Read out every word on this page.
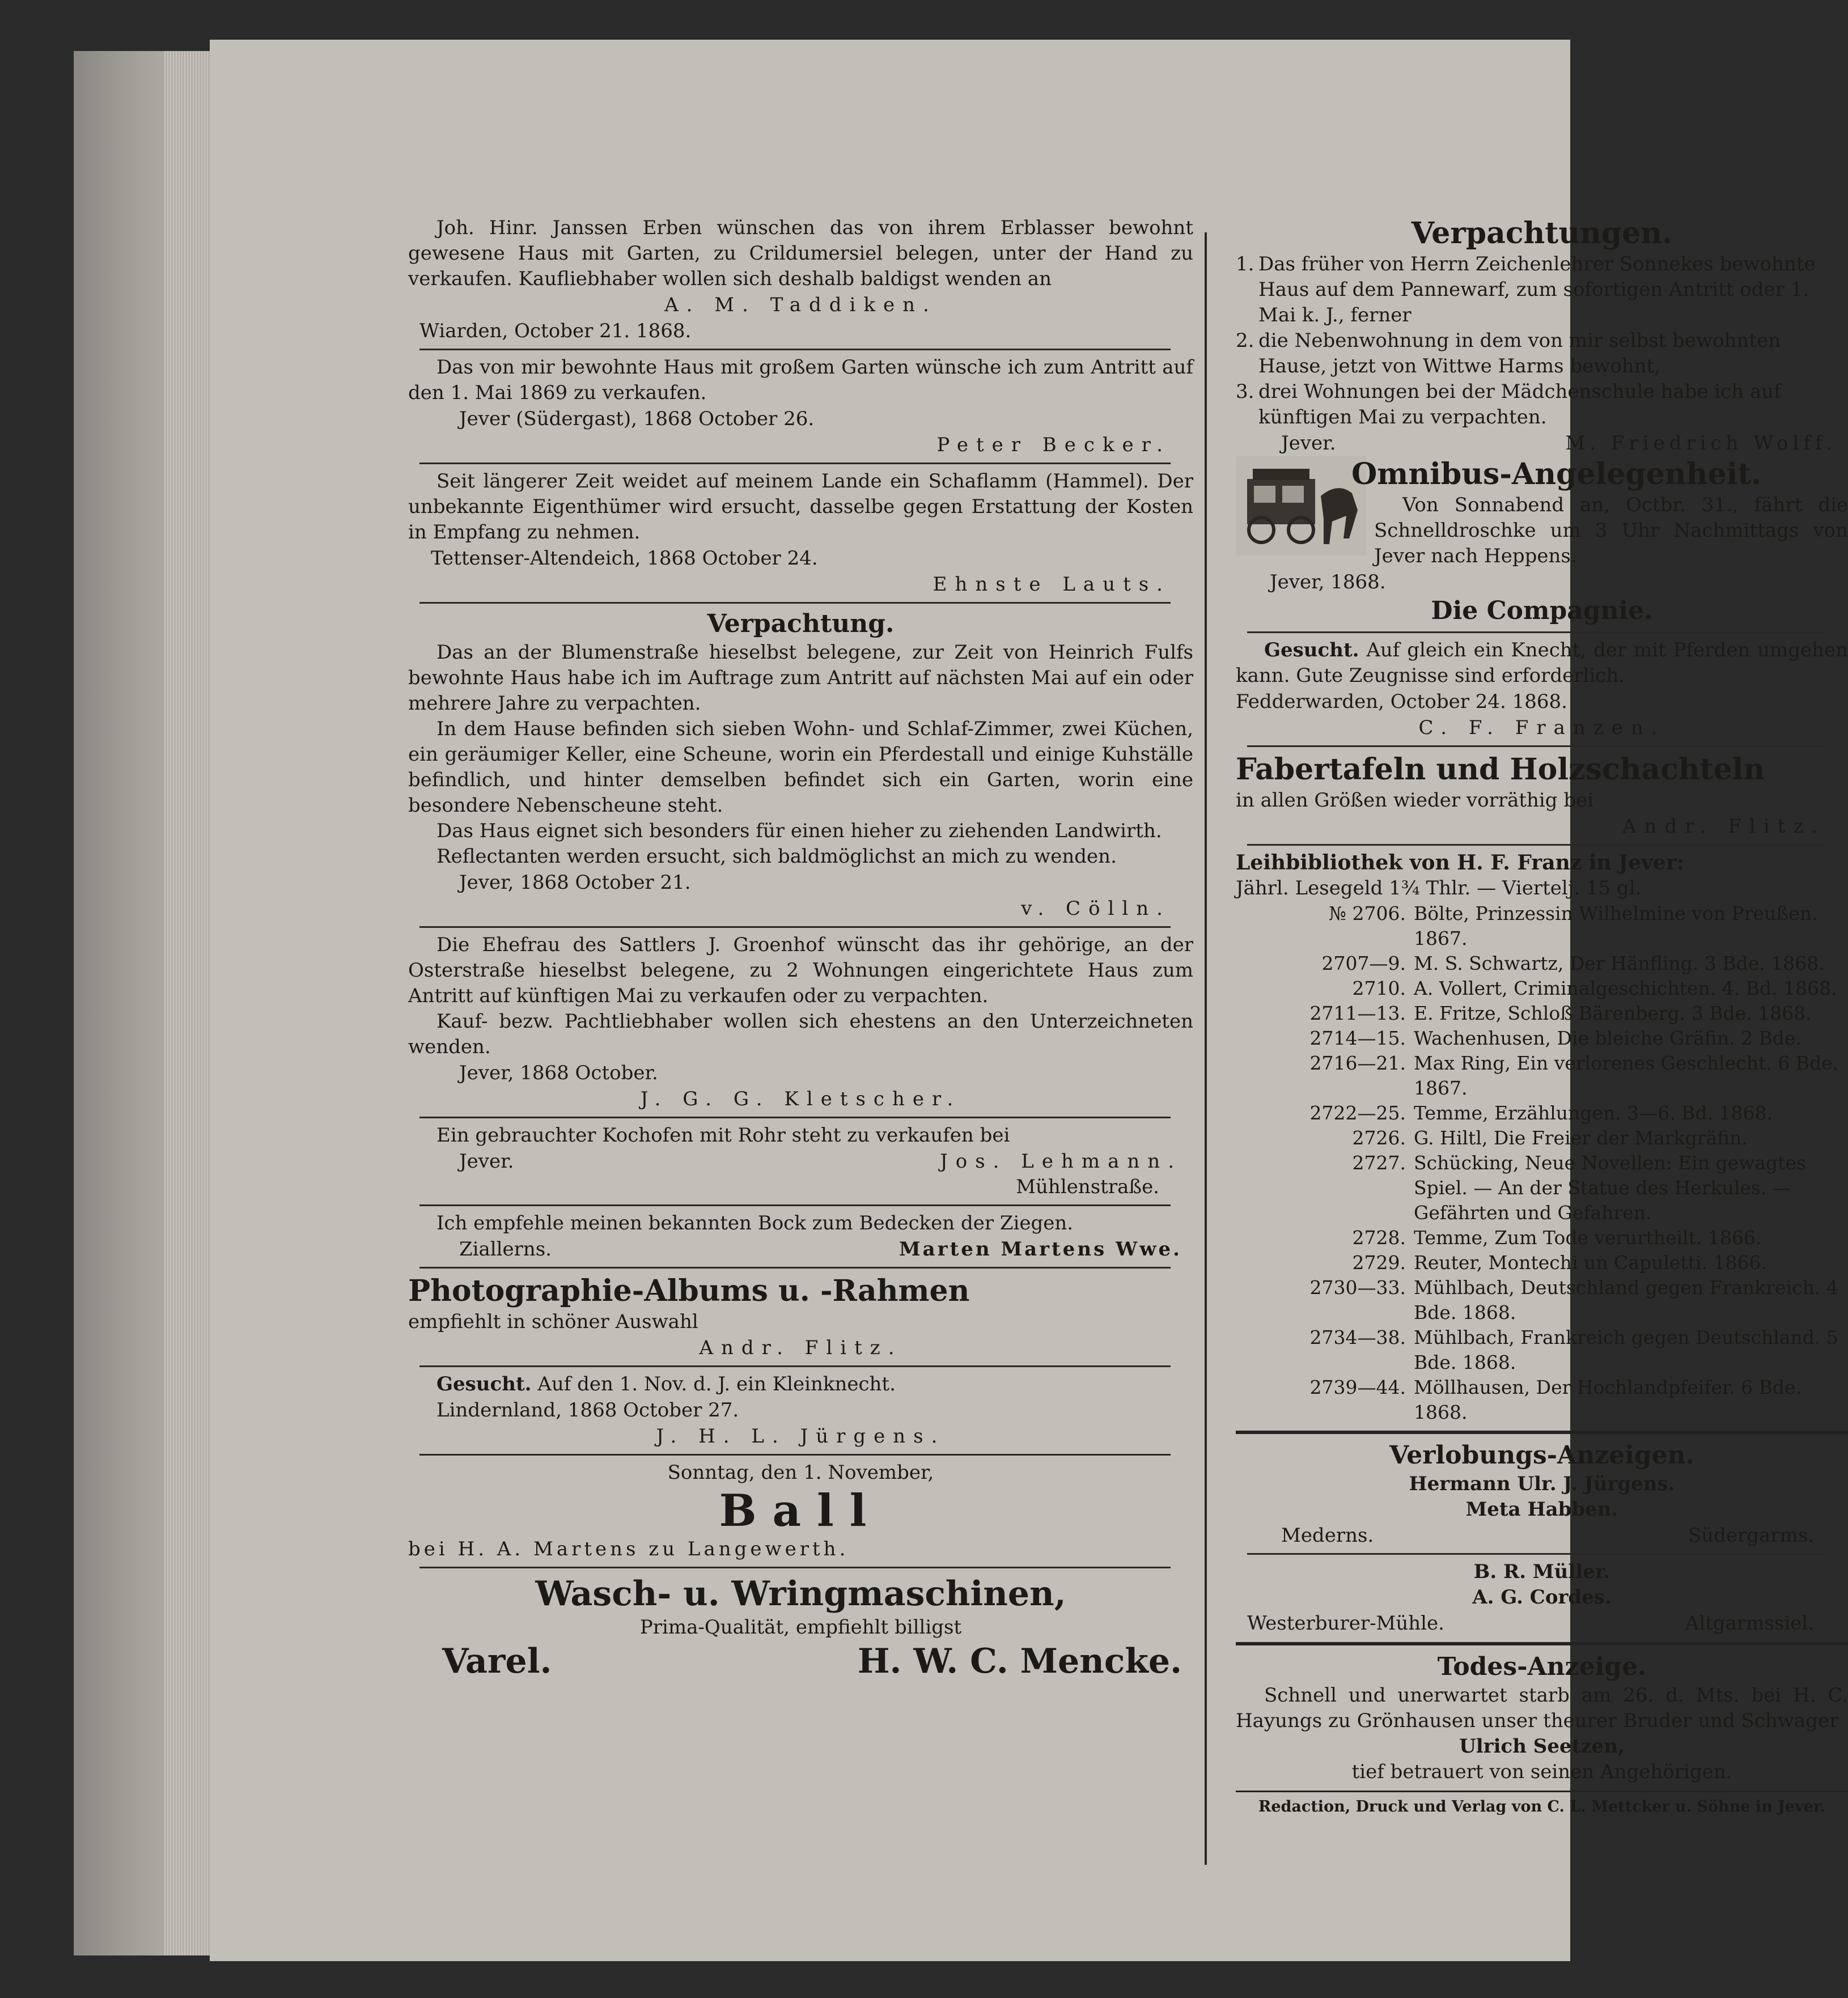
Joh. Hinr. Janssen Erben wünschen das von ihrem Erblasser bewohnt gewesene Haus mit Garten, zu Crildumersiel belegen, unter der Hand zu verkaufen. Kaufliebhaber wollen sich deshalb baldigst wenden an

A. M. Taddiken.

Wiarden, October 21. 1868.

Das von mir bewohnte Haus mit großem Garten wünsche ich zum Antritt auf den 1. Mai 1869 zu verkaufen.

Jever (Südergast), 1868 October 26.

Peter Becker.

Seit längerer Zeit weidet auf meinem Lande ein Schaflamm (Hammel). Der unbekannte Eigenthümer wird ersucht, dasselbe gegen Erstattung der Kosten in Empfang zu nehmen.

Tettenser-Altendeich, 1868 October 24.

Ehnste Lauts.

Verpachtung.

Das an der Blumenstraße hieselbst belegene, zur Zeit von Heinrich Fulfs bewohnte Haus habe ich im Auftrage zum Antritt auf nächsten Mai auf ein oder mehrere Jahre zu verpachten.

In dem Hause befinden sich sieben Wohn- und Schlaf-Zimmer, zwei Küchen, ein geräumiger Keller, eine Scheune, worin ein Pferdestall und einige Kuhställe befindlich, und hinter demselben befindet sich ein Garten, worin eine besondere Nebenscheune steht.

Das Haus eignet sich besonders für einen hieher zu ziehenden Landwirth.

Reflectanten werden ersucht, sich baldmöglichst an mich zu wenden.

Jever, 1868 October 21.

v. Cölln.

Die Ehefrau des Sattlers J. Groenhof wünscht das ihr gehörige, an der Osterstraße hieselbst belegene, zu 2 Wohnungen eingerichtete Haus zum Antritt auf künftigen Mai zu verkaufen oder zu verpachten.

Kauf- bezw. Pachtliebhaber wollen sich ehestens an den Unterzeichneten wenden.

Jever, 1868 October.

J. G. G. Kletscher.

Ein gebrauchter Kochofen mit Rohr steht zu verkaufen bei

Jever.	Jos. Lehmann.

Mühlenstraße.

Ich empfehle meinen bekannten Bock zum Bedecken der Ziegen.

Ziallerns.	Marten Martens Wwe.

Photographie-Albums u. -Rahmen

empfiehlt in schöner Auswahl

Andr. Flitz.

Gesucht. Auf den 1. Nov. d. J. ein Kleinknecht.

Lindernland, 1868 October 27.

J. H. L. Jürgens.

Sonntag, den 1. November,

Ball

bei H. A. Martens zu Langewerth.

Wasch- u. Wringmaschinen,

Prima-Qualität, empfiehlt billigst

Varel.	H. W. C. Mencke.

Verpachtungen.

1. Das früher von Herrn Zeichenlehrer Sonnekes bewohnte Haus auf dem Pannewarf, zum sofortigen Antritt oder 1. Mai k. J., ferner
2. die Nebenwohnung in dem von mir selbst bewohnten Hause, jetzt von Wittwe Harms bewohnt,
3. drei Wohnungen bei der Mädchenschule habe ich auf künftigen Mai zu verpachten.
Jever.	M. Friedrich Wolff.

Omnibus-Angelegenheit.

Von Sonnabend an, Octbr. 31., fährt die Schnelldroschke um 3 Uhr Nachmittags von Jever nach Heppens.

Jever, 1868.

Die Compagnie.

Gesucht. Auf gleich ein Knecht, der mit Pferden umgehen kann. Gute Zeugnisse sind erforderlich.

Fedderwarden, October 24. 1868.

C. F. Franzen.

Fabertafeln und Holzschachteln

in allen Größen wieder vorräthig bei

Andr. Flitz.

Leihbibliothek von H. F. Franz in Jever:

Jährl. Lesegeld 1¾ Thlr. — Viertelj. 15 gl.

№ 2706. Bölte, Prinzessin Wilhelmine von Preußen. 1867.
2707—9. M. S. Schwartz, Der Hänfling. 3 Bde. 1868.
2710. A. Vollert, Criminalgeschichten. 4. Bd. 1868.
2711—13. E. Fritze, Schloß Bärenberg. 3 Bde. 1868.
2714—15. Wachenhusen, Die bleiche Gräfin. 2 Bde.
2716—21. Max Ring, Ein verlorenes Geschlecht. 6 Bde. 1867.
2722—25. Temme, Erzählungen. 3—6. Bd. 1868.
2726. G. Hiltl, Die Freier der Markgräfin.
2727. Schücking, Neue Novellen: Ein gewagtes Spiel. — An der Statue des Herkules. — Gefährten und Gefahren.
2728. Temme, Zum Tode verurtheilt. 1866.
2729. Reuter, Montechi un Capuletti. 1866.
2730—33. Mühlbach, Deutschland gegen Frankreich. 4 Bde. 1868.
2734—38. Mühlbach, Frankreich gegen Deutschland. 5 Bde. 1868.
2739—44. Möllhausen, Der Hochlandpfeifer. 6 Bde. 1868.

Verlobungs-Anzeigen.

Hermann Ulr. J. Jürgens.

Meta Habben.

Mederns.	Südergarms.

B. R. Müller.

A. G. Cordes.

Westerburer-Mühle.	Altgarmssiel.

Todes-Anzeige.

Schnell und unerwartet starb am 26. d. Mts. bei H. C. Hayungs zu Grönhausen unser theurer Bruder und Schwager

Ulrich Seetzen,

tief betrauert von seinen Angehörigen.

Redaction, Druck und Verlag von C. L. Mettcker u. Söhne in Jever.
